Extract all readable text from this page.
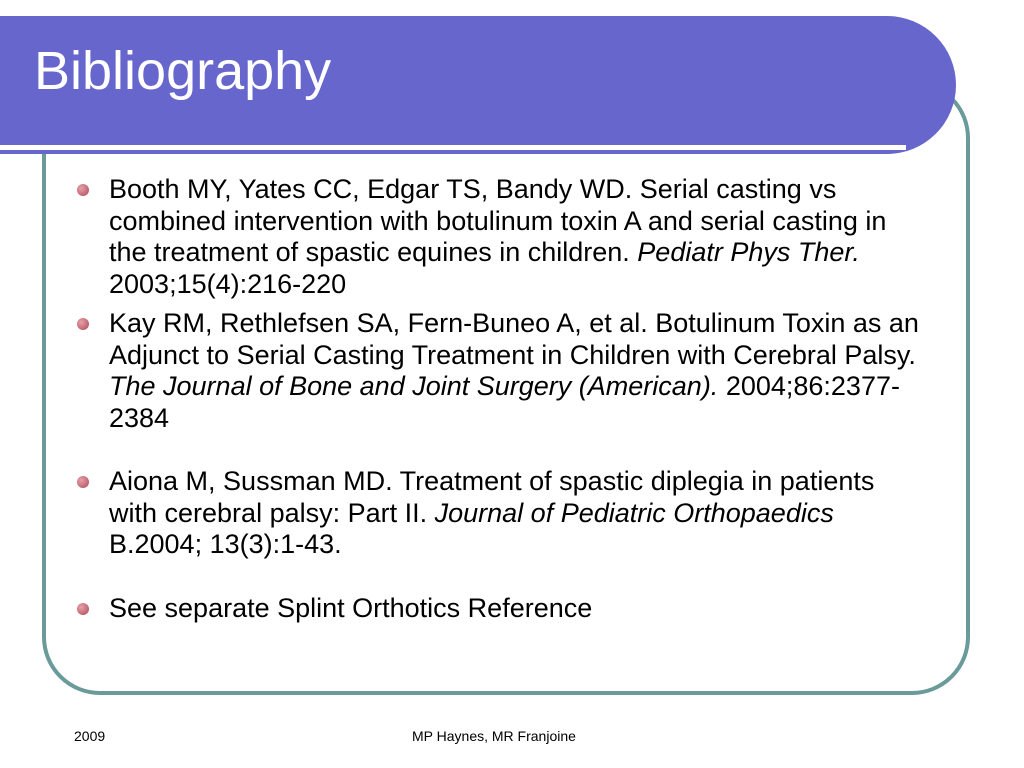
Bibliography
Booth MY, Yates CC, Edgar TS, Bandy WD. Serial casting vs combined intervention with botulinum toxin A and serial casting in the treatment of spastic equines in children. Pediatr Phys Ther. 2003;15(4):216-220
Kay RM, Rethlefsen SA, Fern-Buneo A, et al. Botulinum Toxin as an Adjunct to Serial Casting Treatment in Children with Cerebral Palsy. The Journal of Bone and Joint Surgery (American). 2004;86:2377-2384
Aiona M, Sussman MD. Treatment of spastic diplegia in patients with cerebral palsy: Part II. Journal of Pediatric Orthopaedics B.2004; 13(3):1-43.
See separate Splint Orthotics Reference
2009	MP Haynes, MR Franjoine
